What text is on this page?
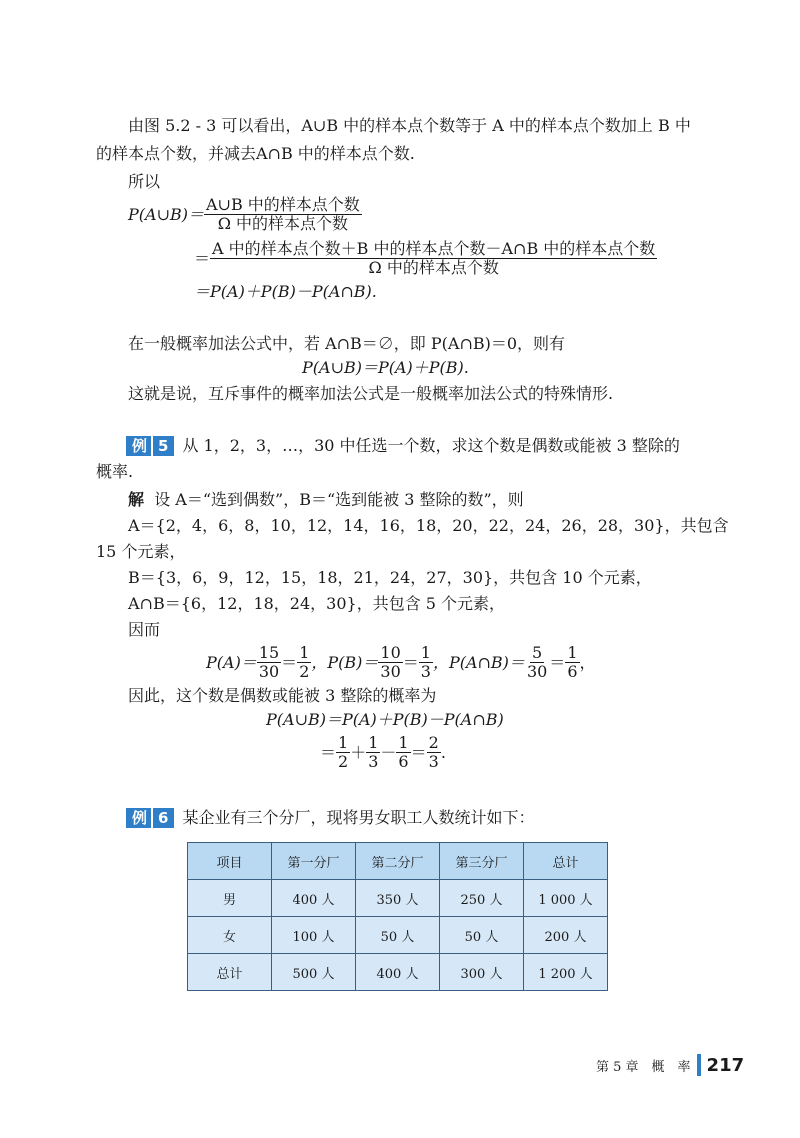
由图 5.2 - 3 可以看出，A∪B 中的样本点个数等于 A 中的样本点个数加上 B 中
的样本点个数，并减去A∩B 中的样本点个数.
所以
P(A∪B)＝ $\frac{\text{A∪B 中的样本点个数}}{\text{Ω 中的样本点个数}}$
＝ $\frac{\text{A 中的样本点个数＋B 中的样本点个数－A∩B 中的样本点个数}}{\text{Ω 中的样本点个数}}$
＝P(A)＋P(B)－P(A∩B).
在一般概率加法公式中，若 A∩B＝∅，即 P(A∩B)＝0，则有
P(A∪B)＝P(A)＋P(B).
这就是说，互斥事件的概率加法公式是一般概率加法公式的特殊情形.
例 5 从 1，2，3，…，30 中任选一个数，求这个数是偶数或能被 3 整除的
概率.
解 设 A＝“选到偶数”，B＝“选到能被 3 整除的数”，则
A＝{2，4，6，8，10，12，14，16，18，20，22，24，26，28，30}，共包含
15 个元素，
B＝{3，6，9，12，15，18，21，24，27，30}，共包含 10 个元素，
A∩B＝{6，12，18，24，30}，共包含 5 个元素，
因而
$P(A)= \frac{15}{30} = \frac{1}{2}$ ，$P(B)= \frac{10}{30} = \frac{1}{3}$ ，P(A∩B)＝ $\frac{5}{30} = \frac{1}{6}$ ，
因此，这个数是偶数或能被 3 整除的概率为
P(A∪B)＝P(A)＋P(B)－P(A∩B)
＝ $\frac{1}{2} + \frac{1}{3} - \frac{1}{6} = \frac{2}{3}$ .
例 6 某企业有三个分厂，现将男女职工人数统计如下：
项目	第一分厂	第二分厂	第三分厂	总计
男	400 人	350 人	250 人	1 000 人
女	100 人	50 人	50 人	200 人
总计	500 人	400 人	300 人	1 200 人
第 5 章　概　率 217
